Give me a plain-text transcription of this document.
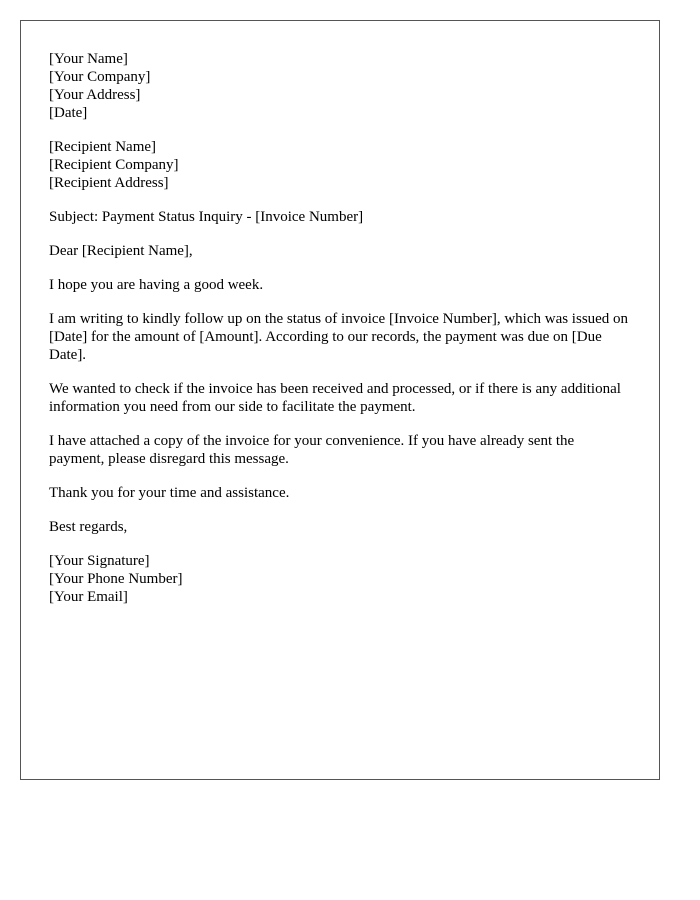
[Your Name]
[Your Company]
[Your Address]
[Date]
[Recipient Name]
[Recipient Company]
[Recipient Address]

Subject: Payment Status Inquiry - [Invoice Number]

Dear [Recipient Name],

I hope you are having a good week.

I am writing to kindly follow up on the status of invoice [Invoice Number], which was issued on [Date] for the amount of [Amount]. According to our records, the payment was due on [Due Date].

We wanted to check if the invoice has been received and processed, or if there is any additional information you need from our side to facilitate the payment.

I have attached a copy of the invoice for your convenience. If you have already sent the payment, please disregard this message.

Thank you for your time and assistance.

Best regards,

[Your Signature]
[Your Phone Number]
[Your Email]
